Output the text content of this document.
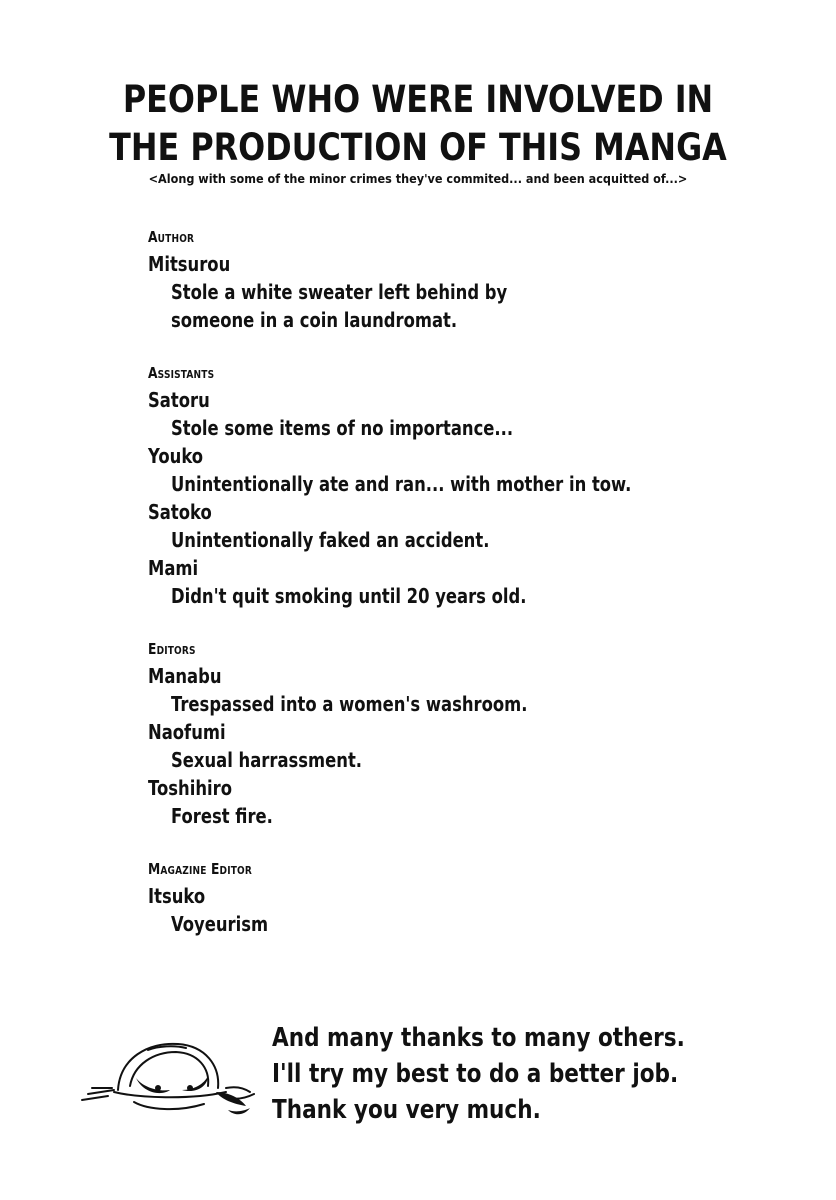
PEOPLE WHO WERE INVOLVED IN
THE PRODUCTION OF THIS MANGA
<Along with some of the minor crimes they've commited... and been acquitted of...>
Author
Mitsurou
Stole a white sweater left behind by
someone in a coin laundromat.
Assistants
Satoru
Stole some items of no importance...
Youko
Unintentionally ate and ran... with mother in tow.
Satoko
Unintentionally faked an accident.
Mami
Didn't quit smoking until 20 years old.
Editors
Manabu
Trespassed into a women's washroom.
Naofumi
Sexual harrassment.
Toshihiro
Forest fire.
Magazine Editor
Itsuko
Voyeurism
And many thanks to many others.
I'll try my best to do a better job.
Thank you very much.
